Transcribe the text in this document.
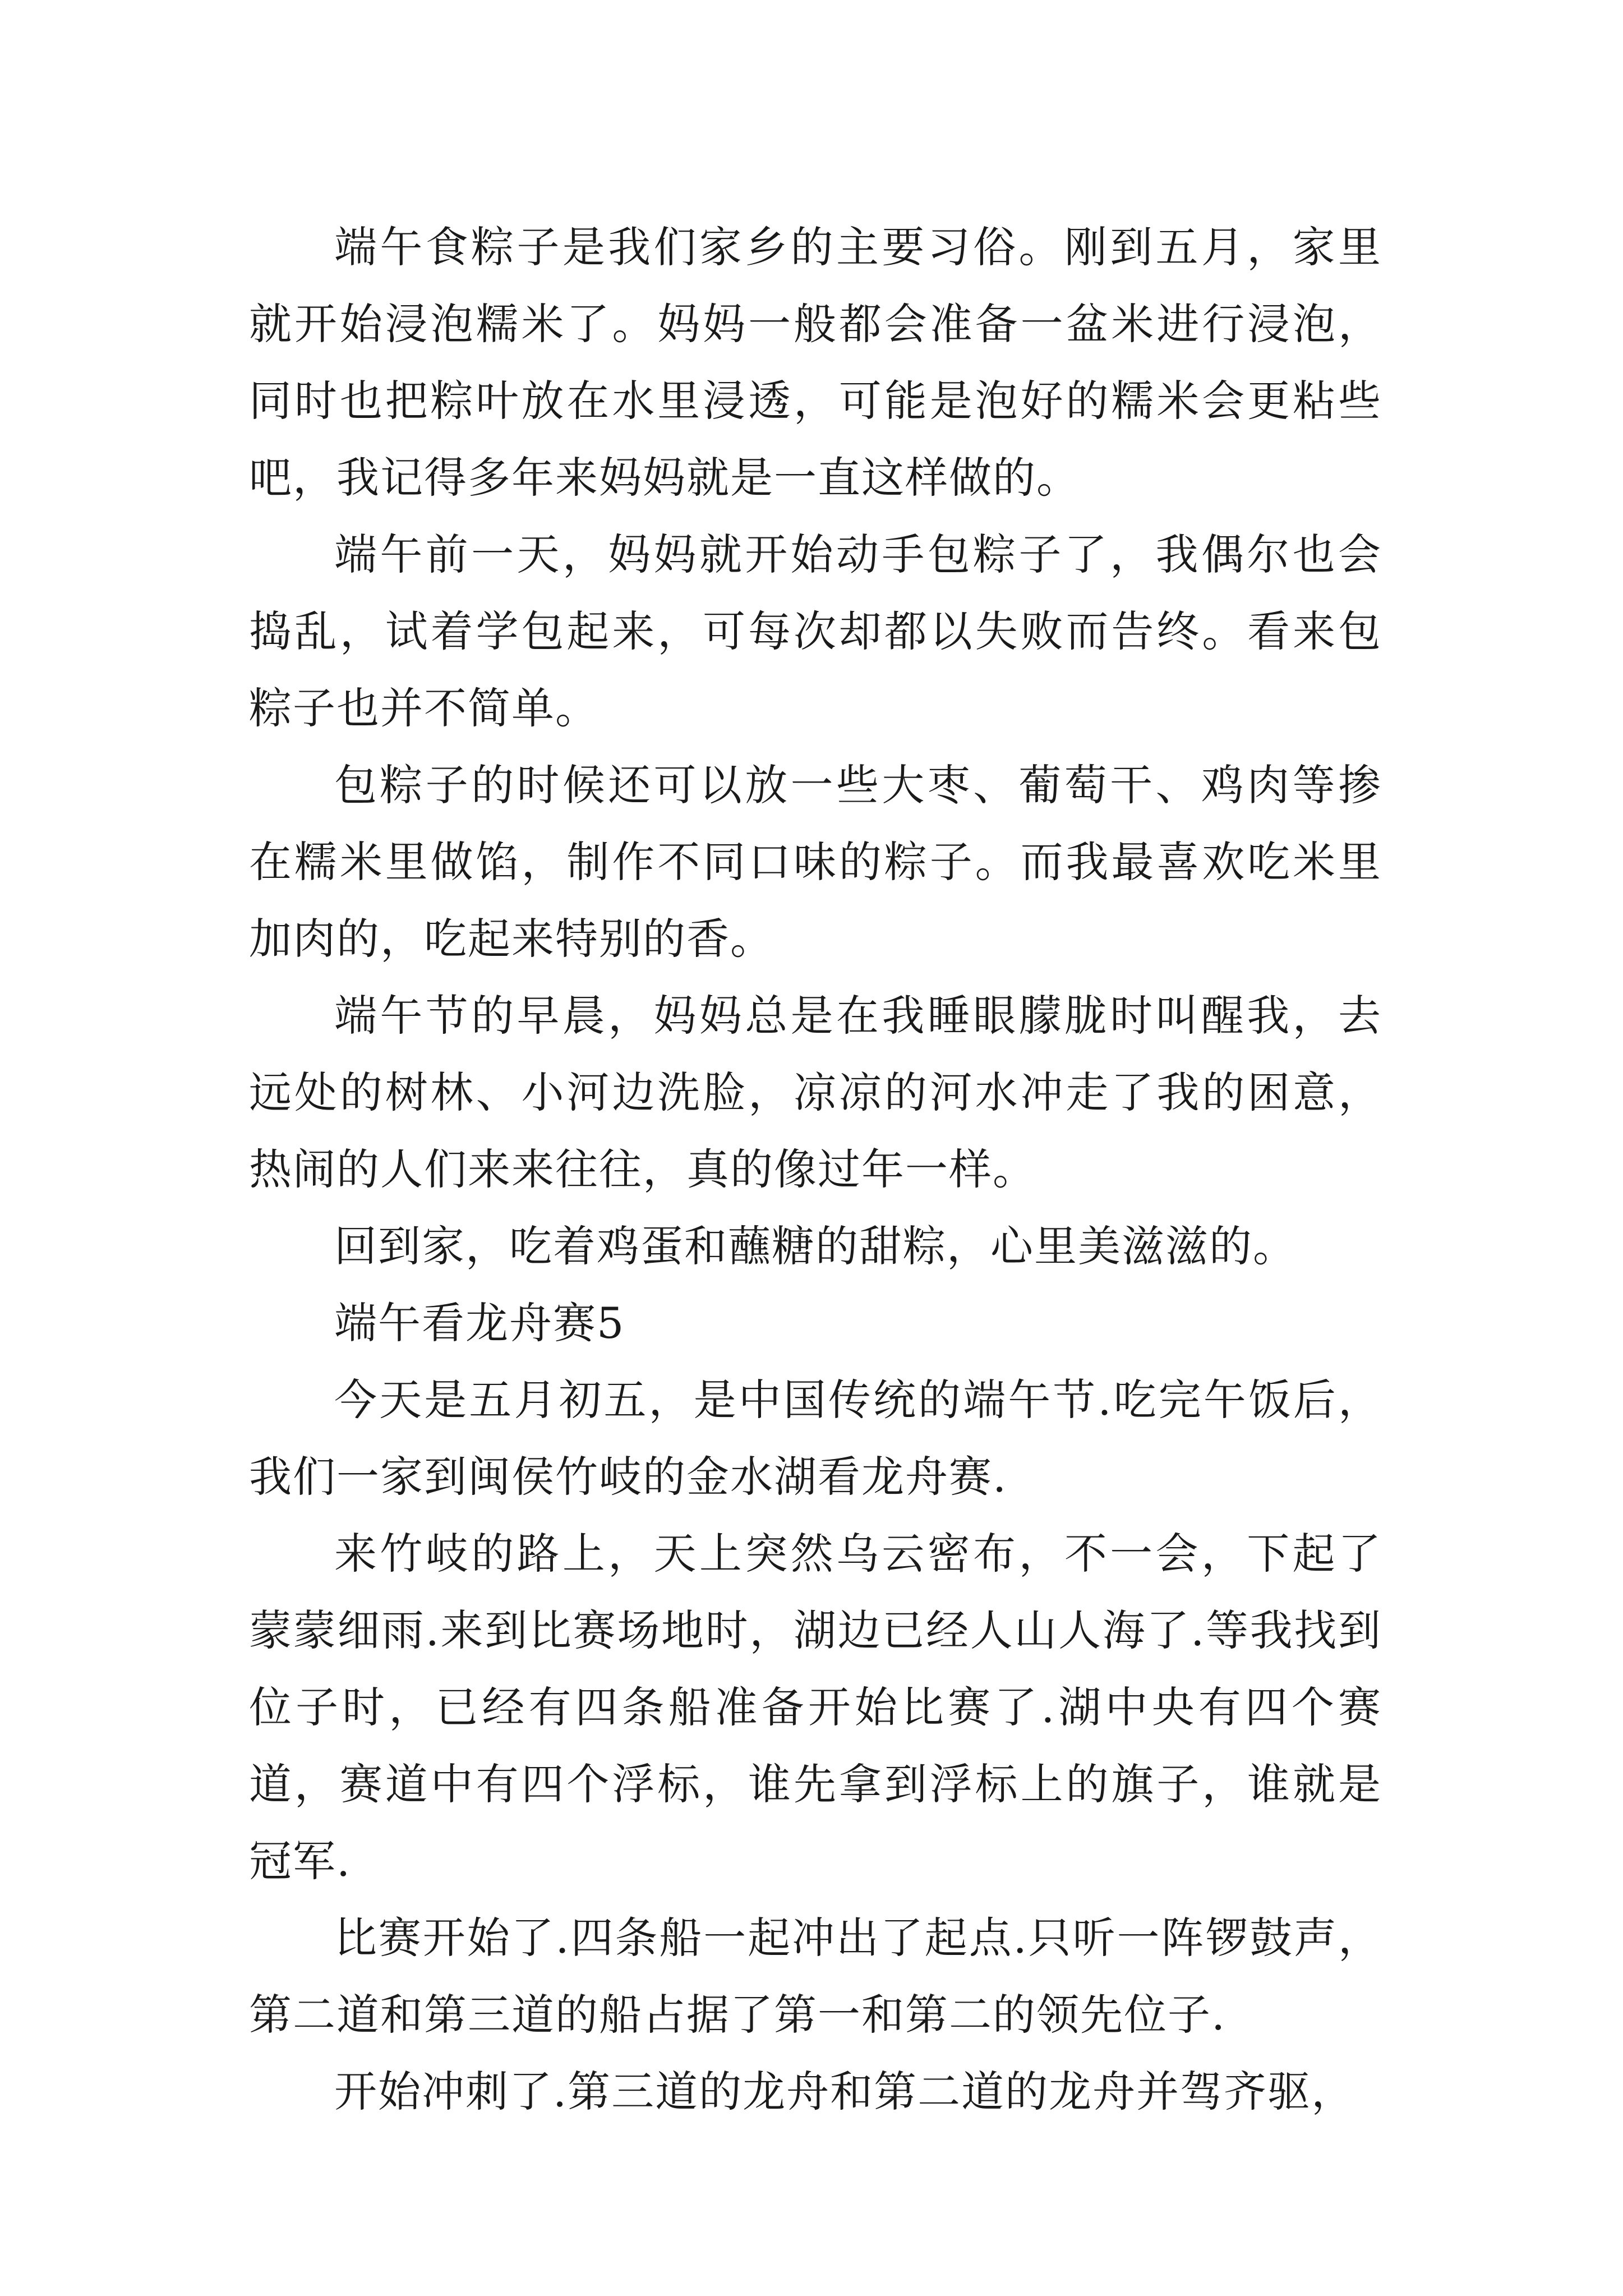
端午食粽子是我们家乡的主要习俗。刚到五月，家里就开始浸泡糯米了。妈妈一般都会准备一盆米进行浸泡，同时也把粽叶放在水里浸透，可能是泡好的糯米会更粘些吧，我记得多年来妈妈就是一直这样做的。

端午前一天，妈妈就开始动手包粽子了，我偶尔也会捣乱，试着学包起来，可每次却都以失败而告终。看来包粽子也并不简单。

包粽子的时候还可以放一些大枣、葡萄干、鸡肉等掺在糯米里做馅，制作不同口味的粽子。而我最喜欢吃米里加肉的，吃起来特别的香。

端午节的早晨，妈妈总是在我睡眼朦胧时叫醒我，去远处的树林、小河边洗脸，凉凉的河水冲走了我的困意，热闹的人们来来往往，真的像过年一样。

回到家，吃着鸡蛋和蘸糖的甜粽，心里美滋滋的。

端午看龙舟赛5

今天是五月初五，是中国传统的端午节.吃完午饭后，我们一家到闽侯竹岐的金水湖看龙舟赛.

来竹岐的路上，天上突然乌云密布，不一会，下起了蒙蒙细雨.来到比赛场地时，湖边已经人山人海了.等我找到位子时，已经有四条船准备开始比赛了.湖中央有四个赛道，赛道中有四个浮标，谁先拿到浮标上的旗子，谁就是冠军.

比赛开始了.四条船一起冲出了起点.只听一阵锣鼓声，第二道和第三道的船占据了第一和第二的领先位子.

开始冲刺了.第三道的龙舟和第二道的龙舟并驾齐驱，
